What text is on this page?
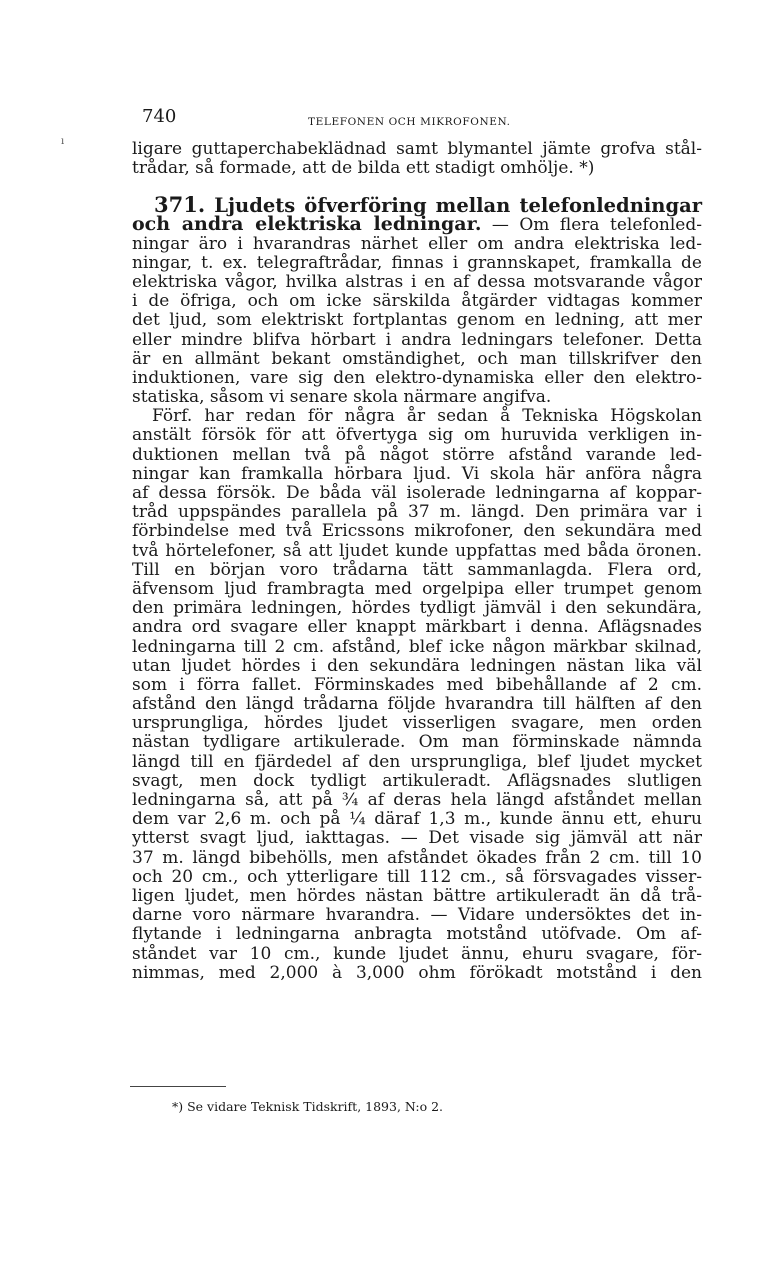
ı
740	TELEFONEN OCH MIKROFONEN.
ligare guttaperchabeklädnad samt blymantel jämte grofva stål-
trådar, så formade, att de bilda ett stadigt omhölje. *)
371. Ljudets öfverföring mellan telefonledningar
och andra elektriska ledningar. — Om flera telefonled-
ningar äro i hvarandras närhet eller om andra elektriska led-
ningar, t. ex. telegraftrådar, finnas i grannskapet, framkalla de
elektriska vågor, hvilka alstras i en af dessa motsvarande vågor
i de öfriga, och om icke särskilda åtgärder vidtagas kommer
det ljud, som elektriskt fortplantas genom en ledning, att mer
eller mindre blifva hörbart i andra ledningars telefoner. Detta
är en allmänt bekant omständighet, och man tillskrifver den
induktionen, vare sig den elektro-dynamiska eller den elektro-
statiska, såsom vi senare skola närmare angifva.
Förf. har redan för några år sedan å Tekniska Högskolan
anstält försök för att öfvertyga sig om huruvida verkligen in-
duktionen mellan två på något större afstånd varande led-
ningar kan framkalla hörbara ljud. Vi skola här anföra några
af dessa försök. De båda väl isolerade ledningarna af koppar-
tråd uppspändes parallela på 37 m. längd. Den primära var i
förbindelse med två Ericssons mikrofoner, den sekundära med
två hörtelefoner, så att ljudet kunde uppfattas med båda öronen.
Till en början voro trådarna tätt sammanlagda. Flera ord,
äfvensom ljud frambragta med orgelpipa eller trumpet genom
den primära ledningen, hördes tydligt jämväl i den sekundära,
andra ord svagare eller knappt märkbart i denna. Aflägsnades
ledningarna till 2 cm. afstånd, blef icke någon märkbar skilnad,
utan ljudet hördes i den sekundära ledningen nästan lika väl
som i förra fallet. Förminskades med bibehållande af 2 cm.
afstånd den längd trådarna följde hvarandra till hälften af den
ursprungliga, hördes ljudet visserligen svagare, men orden
nästan tydligare artikulerade. Om man förminskade nämnda
längd till en fjärdedel af den ursprungliga, blef ljudet mycket
svagt, men dock tydligt artikuleradt. Aflägsnades slutligen
ledningarna så, att på ¾ af deras hela längd afståndet mellan
dem var 2,6 m. och på ¼ däraf 1,3 m., kunde ännu ett, ehuru
ytterst svagt ljud, iakttagas. — Det visade sig jämväl att när
37 m. längd bibehölls, men afståndet ökades från 2 cm. till 10
och 20 cm., och ytterligare till 112 cm., så försvagades visser-
ligen ljudet, men hördes nästan bättre artikuleradt än då trå-
darne voro närmare hvarandra. — Vidare undersöktes det in-
flytande i ledningarna anbragta motstånd utöfvade. Om af-
ståndet var 10 cm., kunde ljudet ännu, ehuru svagare, för-
nimmas, med 2,000 à 3,000 ohm förökadt motstånd i den
*) Se vidare Teknisk Tidskrift, 1893, N:o 2.
